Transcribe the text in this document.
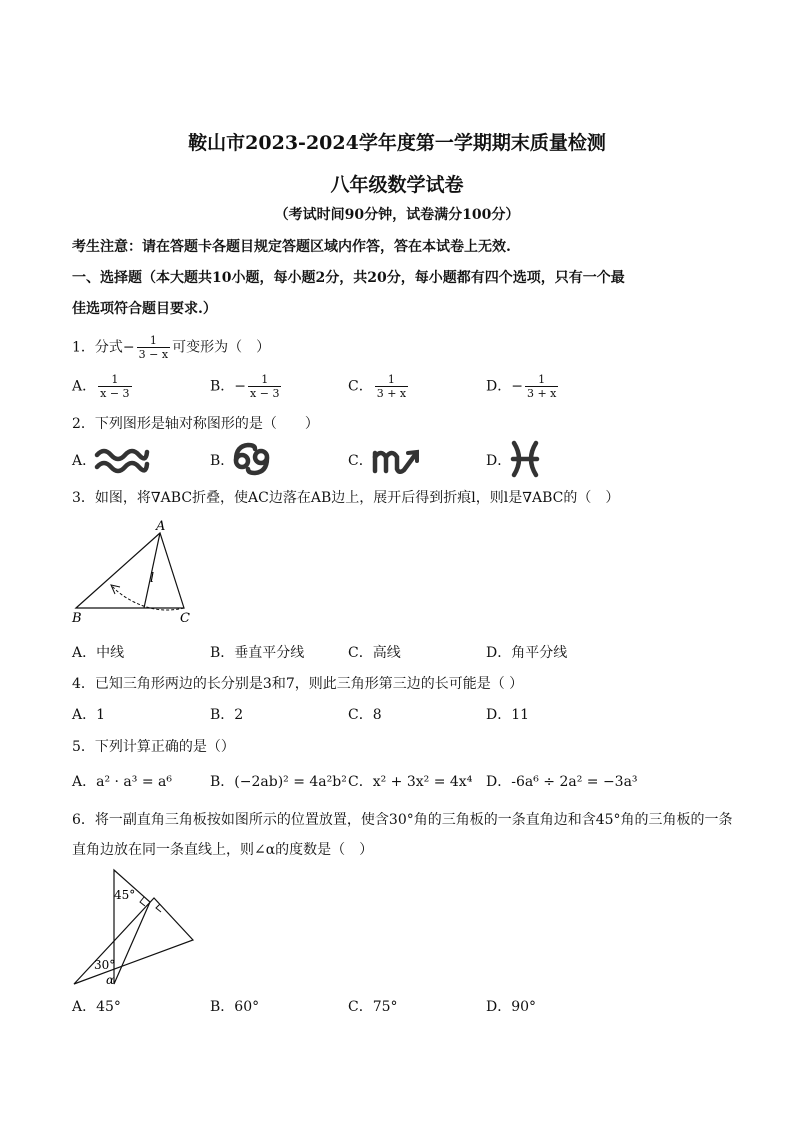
鞍山市2023-2024学年度第一学期期末质量检测
八年级数学试卷
（考试时间90分钟，试卷满分100分）
考生注意：请在答题卡各题目规定答题区域内作答，答在本试卷上无效.
一、选择题（本大题共10小题，每小题2分，共20分，每小题都有四个选项，只有一个最
佳选项符合题目要求.）
1．分式− $\frac{1}{3 - x}$ 可变形为（　）
A． $\frac{1}{x - 3}$	B．− $\frac{1}{x - 3}$	C． $\frac{1}{3 + x}$	D．− $\frac{1}{3 + x}$
2．下列图形是轴对称图形的是（　　）
A．	B．	C．	D．
3．如图，将∇ABC折叠，使AC边落在AB边上，展开后得到折痕l，则l是∇ABC的（　）
A
B	C
l
A．中线	B．垂直平分线	C．高线	D．角平分线
4．已知三角形两边的长分别是3和7，则此三角形第三边的长可能是（ ）
A．1	B．2	C．8	D．11
5．下列计算正确的是（）
A．a² · a³ = a⁶	B．(−2ab)² = 4a²b² C．x² + 3x² = 4x⁴ D．-6a⁶ ÷ 2a² = −3a³
6．将一副直角三角板按如图所示的位置放置，使含30°角的三角板的一条直角边和含45°角的三角板的一条
直角边放在同一条直线上，则∠α的度数是（　）
45°
30°
α
A．45°	B．60°	C．75°	D．90°
